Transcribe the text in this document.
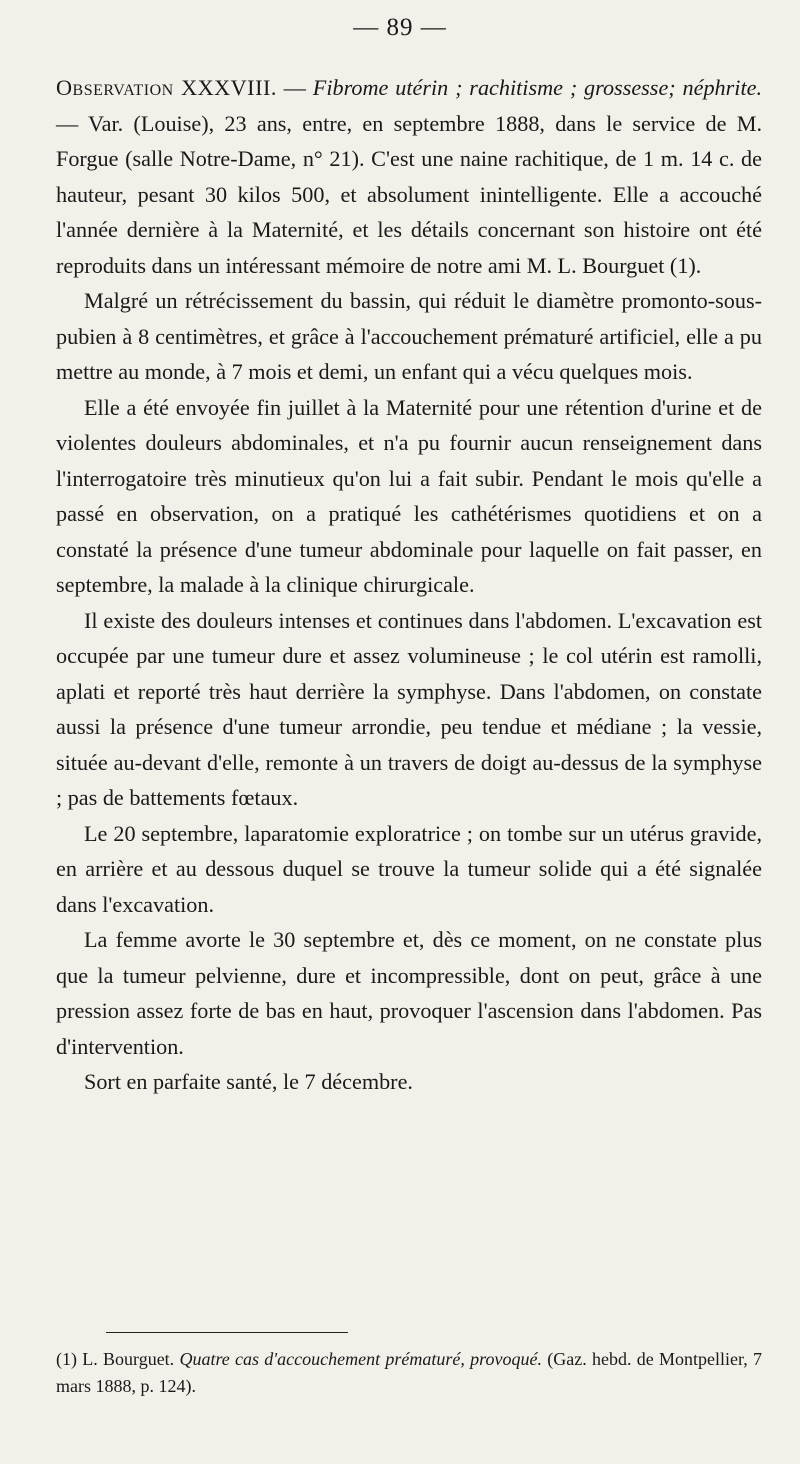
— 89 —

Observation XXXVIII. — Fibrome utérin ; rachitisme ; grossesse; néphrite. — Var. (Louise), 23 ans, entre, en septembre 1888, dans le service de M. Forgue (salle Notre-Dame, n° 21). C'est une naine rachitique, de 1 m. 14 c. de hauteur, pesant 30 kilos 500, et absolument inintelligente. Elle a accouché l'année dernière à la Maternité, et les détails concernant son histoire ont été reproduits dans un intéressant mémoire de notre ami M. L. Bourguet (1).

Malgré un rétrécissement du bassin, qui réduit le diamètre promonto-sous-pubien à 8 centimètres, et grâce à l'accouchement prématuré artificiel, elle a pu mettre au monde, à 7 mois et demi, un enfant qui a vécu quelques mois.

Elle a été envoyée fin juillet à la Maternité pour une rétention d'urine et de violentes douleurs abdominales, et n'a pu fournir aucun renseignement dans l'interrogatoire très minutieux qu'on lui a fait subir. Pendant le mois qu'elle a passé en observation, on a pratiqué les cathétérismes quotidiens et on a constaté la présence d'une tumeur abdominale pour laquelle on fait passer, en septembre, la malade à la clinique chirurgicale.

Il existe des douleurs intenses et continues dans l'abdomen. L'excavation est occupée par une tumeur dure et assez volumineuse ; le col utérin est ramolli, aplati et reporté très haut derrière la symphyse. Dans l'abdomen, on constate aussi la présence d'une tumeur arrondie, peu tendue et médiane ; la vessie, située au-devant d'elle, remonte à un travers de doigt au-dessus de la symphyse ; pas de battements fœtaux.

Le 20 septembre, laparatomie exploratrice ; on tombe sur un utérus gravide, en arrière et au dessous duquel se trouve la tumeur solide qui a été signalée dans l'excavation.

La femme avorte le 30 septembre et, dès ce moment, on ne constate plus que la tumeur pelvienne, dure et incompressible, dont on peut, grâce à une pression assez forte de bas en haut, provoquer l'ascension dans l'abdomen. Pas d'intervention.

Sort en parfaite santé, le 7 décembre.

(1) L. Bourguet. Quatre cas d'accouchement prématuré, provoqué. (Gaz. hebd. de Montpellier, 7 mars 1888, p. 124).
